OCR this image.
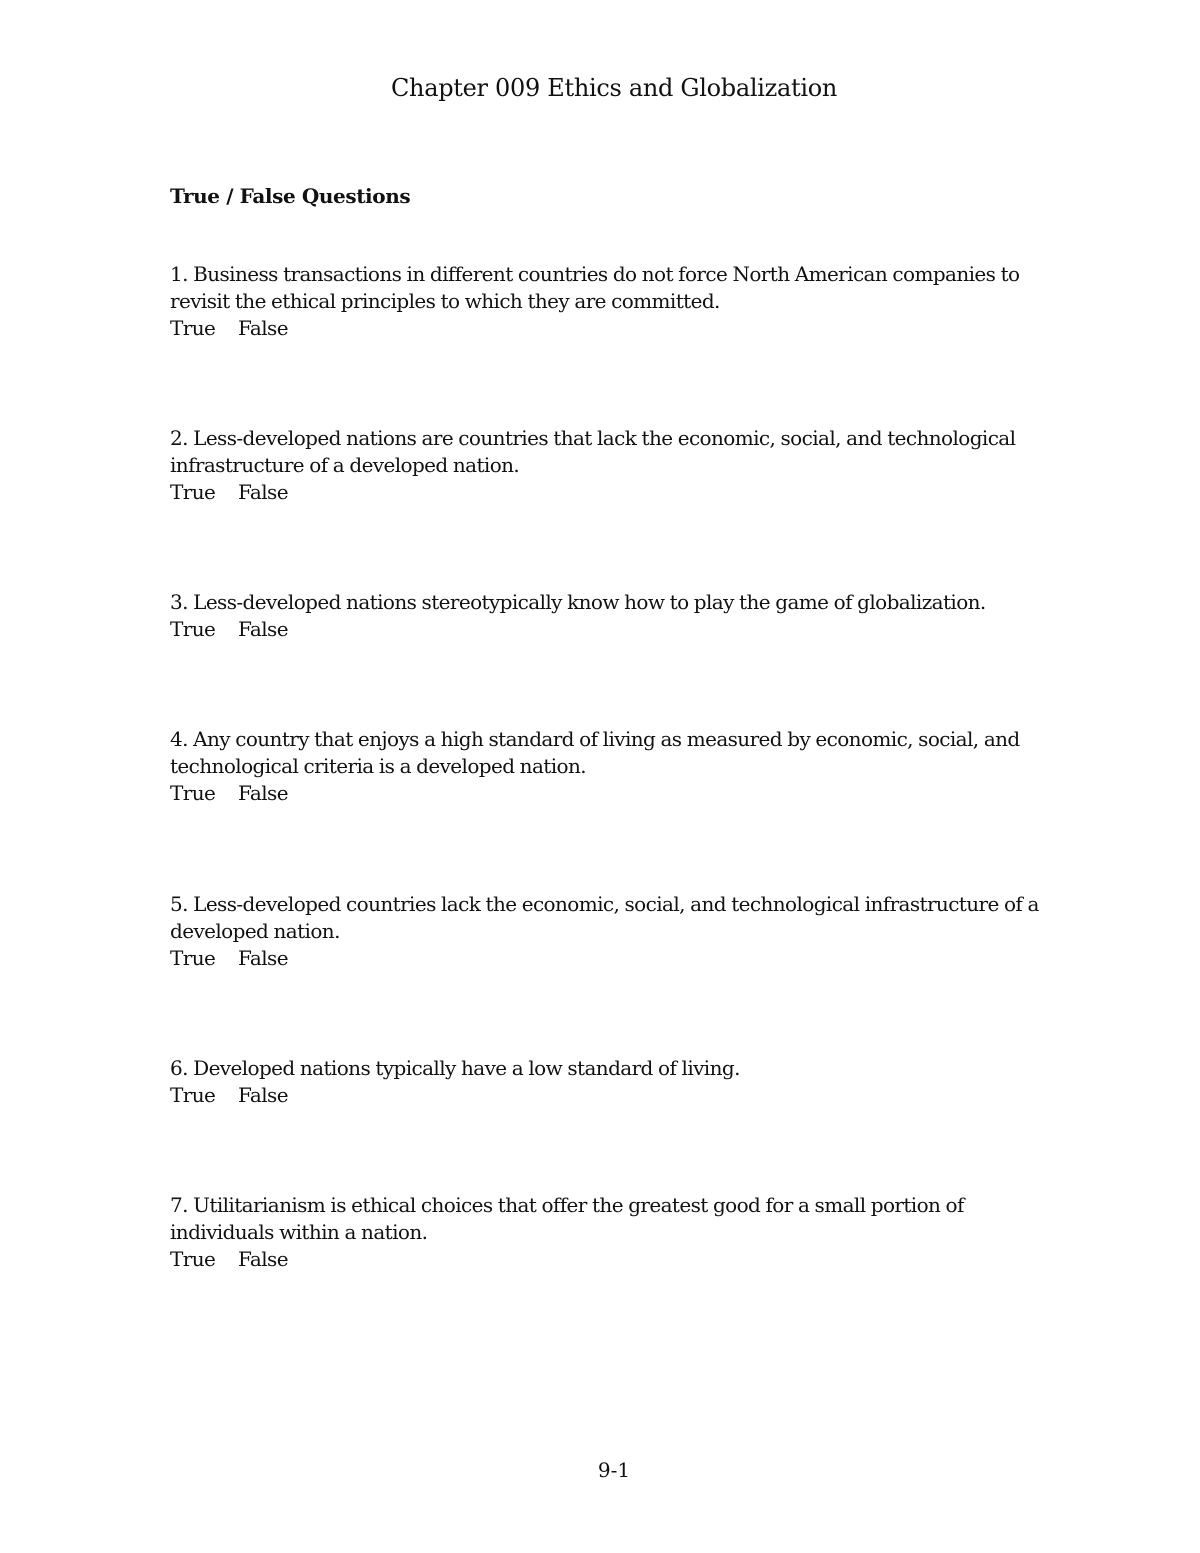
Chapter 009 Ethics and Globalization
True / False Questions
1. Business transactions in different countries do not force North American companies to
revisit the ethical principles to which they are committed.
True False
2. Less-developed nations are countries that lack the economic, social, and technological
infrastructure of a developed nation.
True False
3. Less-developed nations stereotypically know how to play the game of globalization.
True False
4. Any country that enjoys a high standard of living as measured by economic, social, and
technological criteria is a developed nation.
True False
5. Less-developed countries lack the economic, social, and technological infrastructure of a
developed nation.
True False
6. Developed nations typically have a low standard of living.
True False
7. Utilitarianism is ethical choices that offer the greatest good for a small portion of
individuals within a nation.
True False
9-1
